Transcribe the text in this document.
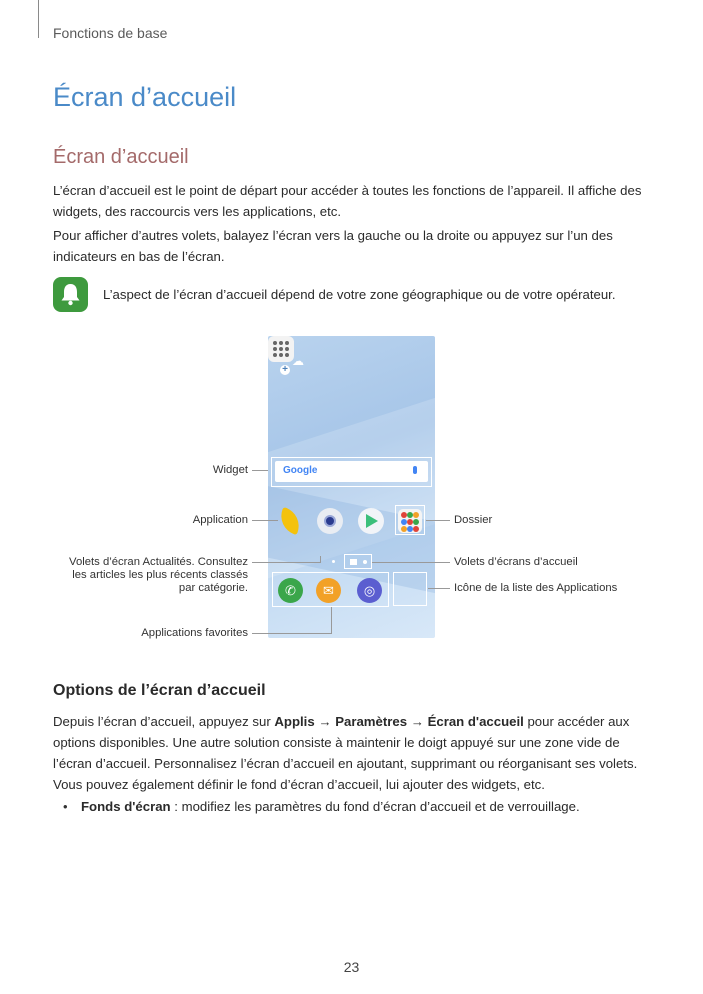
Fonctions de base
Écran d’accueil
Écran d’accueil
L’écran d’accueil est le point de départ pour accéder à toutes les fonctions de l’appareil. Il affiche des widgets, des raccourcis vers les applications, etc.
Pour afficher d’autres volets, balayez l’écran vers la gauche ou la droite ou appuyez sur l’un des indicateurs en bas de l’écran.
L’aspect de l’écran d’accueil dépend de votre zone géographique ou de votre opérateur.
+
☁
Google
✆	✉	◎
Widget
Application
Volets d’écran Actualités. Consultez
les articles les plus récents classés
par catégorie.
Applications favorites
Dossier
Volets d’écrans d’accueil
Icône de la liste des Applications
Options de l’écran d’accueil
Depuis l’écran d’accueil, appuyez sur Applis → Paramètres → Écran d'accueil pour accéder aux options disponibles. Une autre solution consiste à maintenir le doigt appuyé sur une zone vide de l’écran d’accueil. Personnalisez l’écran d’accueil en ajoutant, supprimant ou réorganisant ses volets. Vous pouvez également définir le fond d’écran d’accueil, lui ajouter des widgets, etc.
• Fonds d'écran : modifiez les paramètres du fond d’écran d’accueil et de verrouillage.
23
